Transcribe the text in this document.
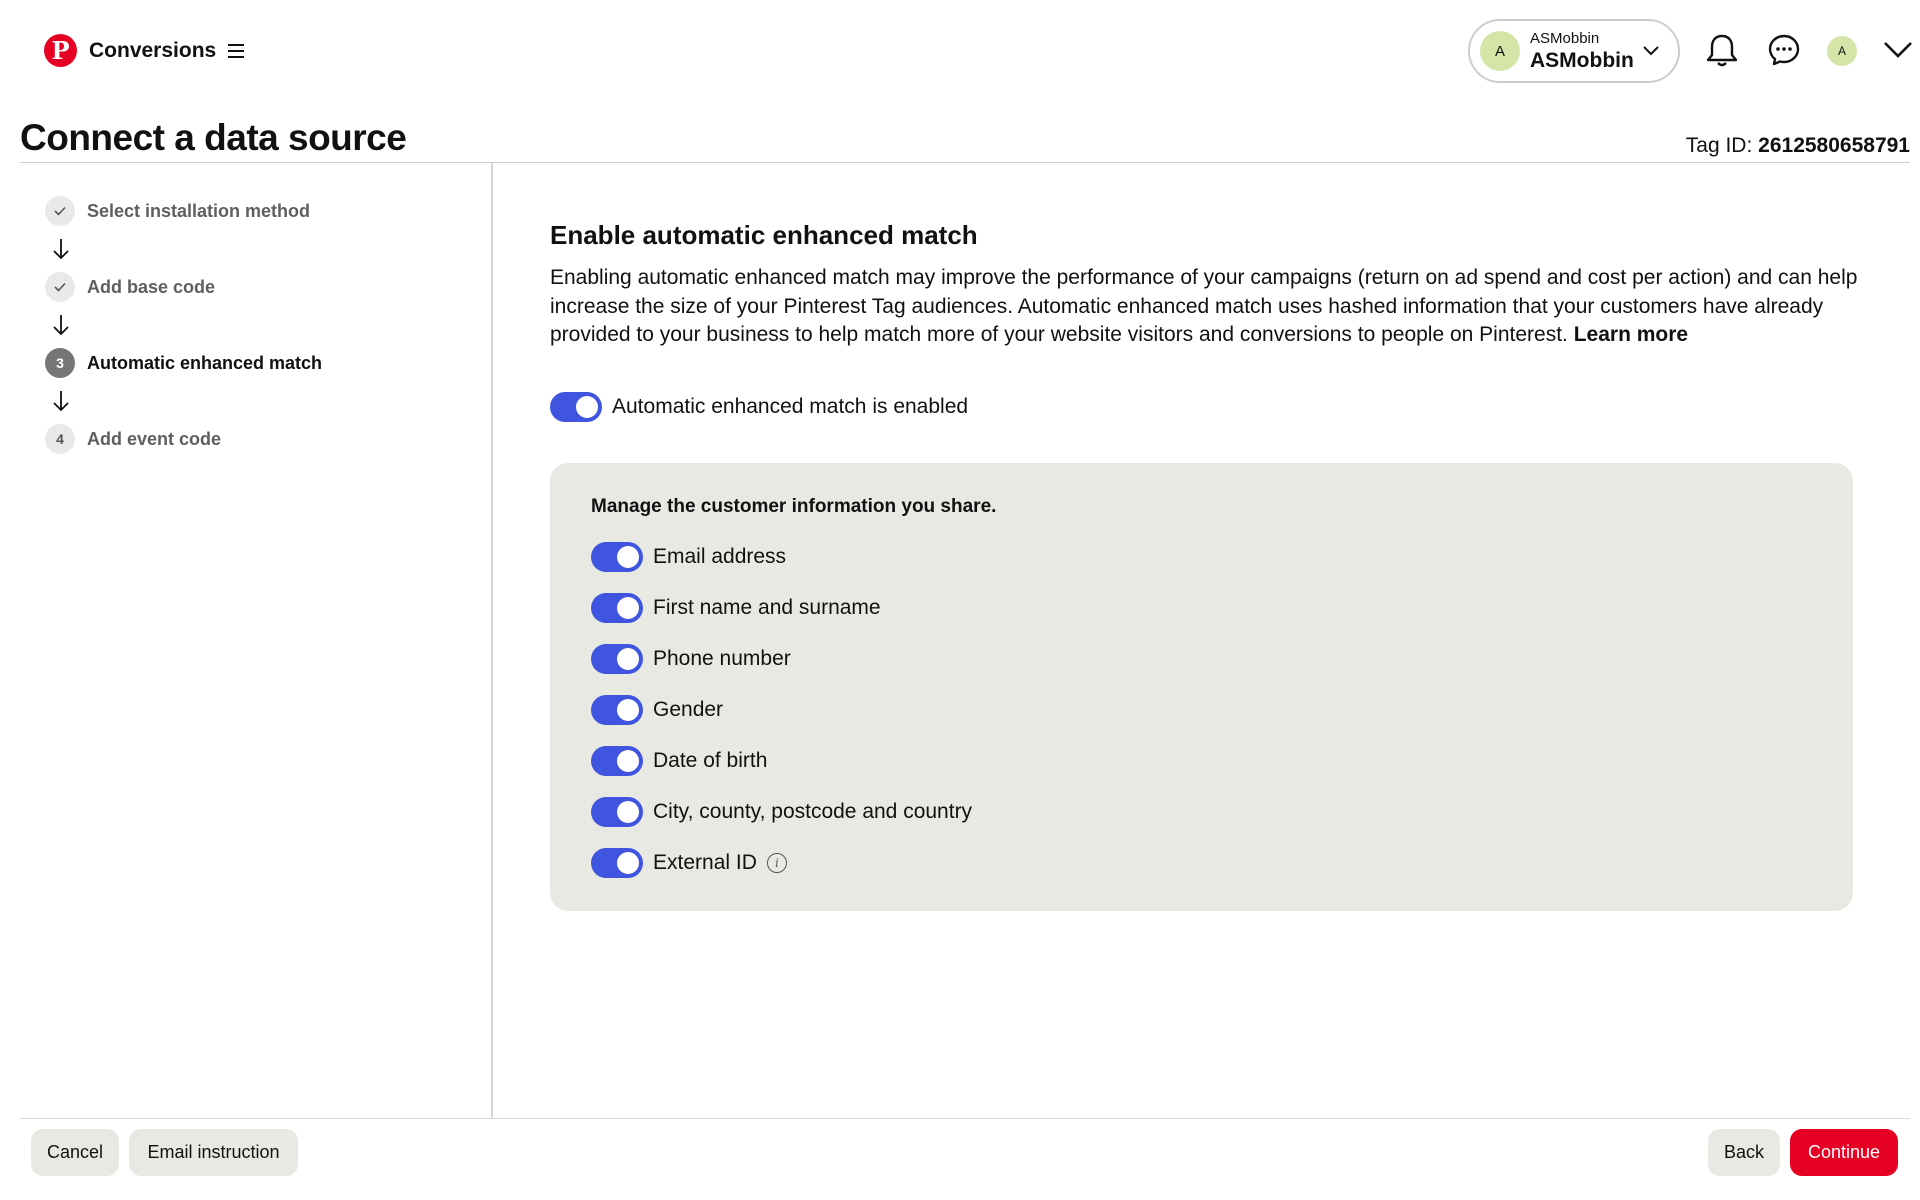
P Conversions	A
ASMobbin
ASMobbin	A
Connect a data source	Tag ID: 2612580658791
Select installation method
Add base code
3	Automatic enhanced match
4	Add event code
Enable automatic enhanced match

Enabling automatic enhanced match may improve the performance of your campaigns (return on ad spend and cost per action) and can help increase the size of your Pinterest Tag audiences. Automatic enhanced match uses hashed information that your customers have already provided to your business to help match more of your website visitors and conversions to people on Pinterest. Learn more

Automatic enhanced match is enabled
Manage the customer information you share.
Email address
First name and surname
Phone number
Gender
Date of birth
City, county, postcode and country
External ID	i
Cancel	Email instruction	Back	Continue
